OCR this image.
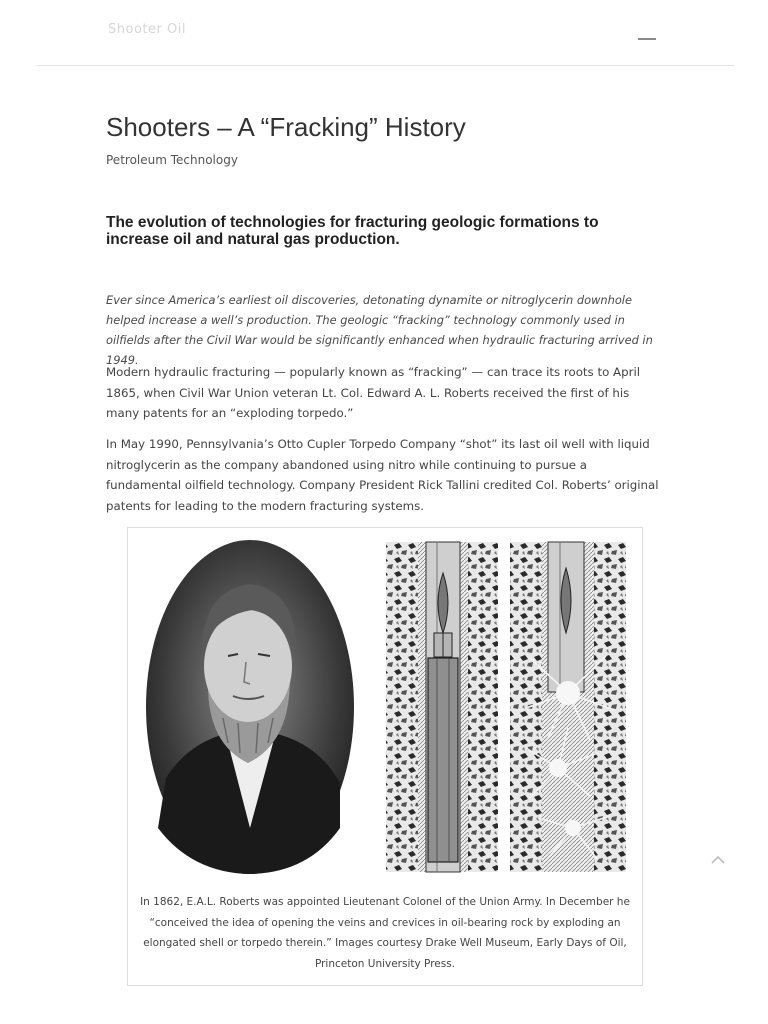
Shooter Oil
Shooters – A “Fracking” History
Petroleum Technology
The evolution of technologies for fracturing geologic formations to increase oil and natural gas production.

Ever since America’s earliest oil discoveries, detonating dynamite or nitroglycerin downhole helped increase a well’s production. The geologic “fracking” technology commonly used in oilfields after the Civil War would be significantly enhanced when hydraulic fracturing arrived in 1949.

Modern hydraulic fracturing — popularly known as “fracking” — can trace its roots to April 1865, when Civil War Union veteran Lt. Col. Edward A. L. Roberts received the first of his many patents for an “exploding torpedo.”

In May 1990, Pennsylvania’s Otto Cupler Torpedo Company “shot” its last oil well with liquid nitroglycerin as the company abandoned using nitro while continuing to pursue a fundamental oilfield technology. Company President Rick Tallini credited Col. Roberts’ original patents for leading to the modern fracturing systems.

In 1862, E.A.L. Roberts was appointed Lieutenant Colonel of the Union Army. In December he “conceived the idea of opening the veins and crevices in oil-bearing rock by exploding an elongated shell or torpedo therein.” Images courtesy Drake Well Museum, Early Days of Oil, Princeton University Press.
